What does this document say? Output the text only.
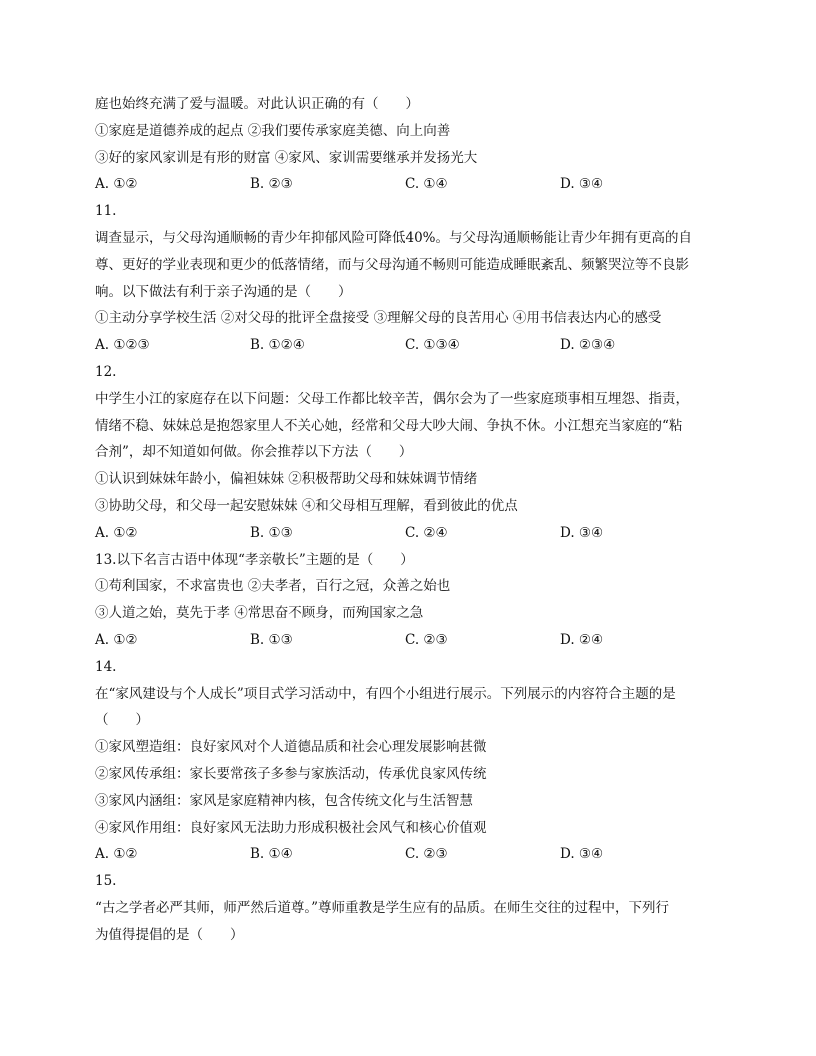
庭也始终充满了爱与温暖。对此认识正确的有（　　）
①家庭是道德养成的起点 ②我们要传承家庭美德、向上向善
③好的家风家训是有形的财富 ④家风、家训需要继承并发扬光大
A. ①②	B. ②③	C. ①④	D. ③④
11.
调查显示，与父母沟通顺畅的青少年抑郁风险可降低40%。与父母沟通顺畅能让青少年拥有更高的自
尊、更好的学业表现和更少的低落情绪，而与父母沟通不畅则可能造成睡眠紊乱、频繁哭泣等不良影
响。以下做法有利于亲子沟通的是（　　）
①主动分享学校生活 ②对父母的批评全盘接受 ③理解父母的良苦用心 ④用书信表达内心的感受
A. ①②③	B. ①②④	C. ①③④	D. ②③④
12.
中学生小江的家庭存在以下问题：父母工作都比较辛苦，偶尔会为了一些家庭琐事相互埋怨、指责，
情绪不稳、妹妹总是抱怨家里人不关心她，经常和父母大吵大闹、争执不休。小江想充当家庭的“粘
合剂”，却不知道如何做。你会推荐以下方法（　　）
①认识到妹妹年龄小，偏袒妹妹 ②积极帮助父母和妹妹调节情绪
③协助父母，和父母一起安慰妹妹 ④和父母相互理解，看到彼此的优点
A. ①②	B. ①③	C. ②④	D. ③④
13.以下名言古语中体现“孝亲敬长”主题的是（　　）
①苟利国家，不求富贵也 ②夫孝者，百行之冠，众善之始也
③人道之始，莫先于孝 ④常思奋不顾身，而殉国家之急
A. ①②	B. ①③	C. ②③	D. ②④
14.
在“家风建设与个人成长”项目式学习活动中，有四个小组进行展示。下列展示的内容符合主题的是
（　　）
①家风塑造组：良好家风对个人道德品质和社会心理发展影响甚微
②家风传承组：家长要常孩子多参与家族活动，传承优良家风传统
③家风内涵组：家风是家庭精神内核，包含传统文化与生活智慧
④家风作用组：良好家风无法助力形成积极社会风气和核心价值观
A. ①②	B. ①④	C. ②③	D. ③④
15.
“古之学者必严其师，师严然后道尊。”尊师重教是学生应有的品质。在师生交往的过程中，下列行
为值得提倡的是（　　）
